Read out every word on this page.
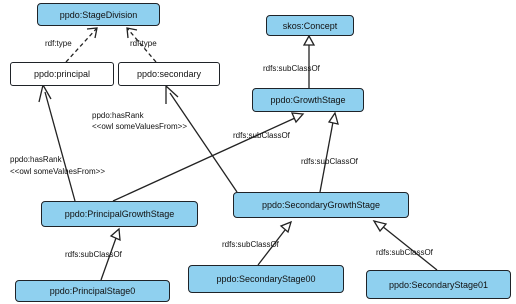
ppdo:StageDivision
ppdo:principal	ppdo:secondary
skos:Concept
ppdo:GrowthStage
ppdo:PrincipalGrowthStage
ppdo:SecondaryGrowthStage
ppdo:PrincipalStage0
ppdo:SecondaryStage00
ppdo:SecondaryStage01
rdf:type	rdf:type
rdfs:subClassOf
rdfs:subClassOf
rdfs:subClassOf
ppdo:hasRank
<<owl someValuesFrom>>
ppdo:hasRank
<<owl someValuesFrom>>
rdfs:subClassOf
rdfs:subClassOf
rdfs:subClassOf
